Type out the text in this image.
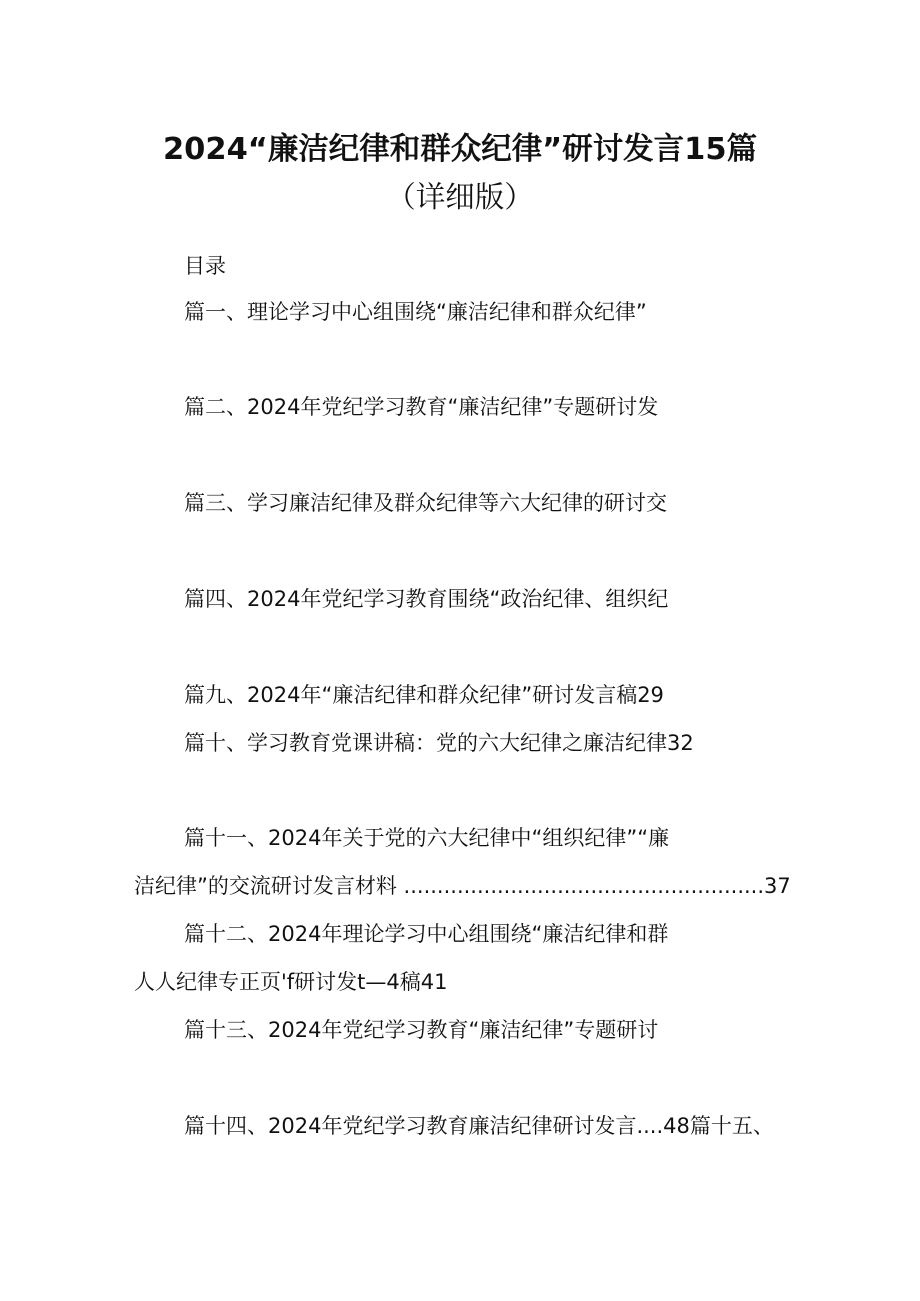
2024“廉洁纪律和群众纪律”研讨发言15篇
（详细版）
目录
篇一、理论学习中心组围绕“廉洁纪律和群众纪律”
篇二、2024年党纪学习教育“廉洁纪律”专题研讨发
篇三、学习廉洁纪律及群众纪律等六大纪律的研讨交
篇四、2024年党纪学习教育围绕“政治纪律、组织纪
篇九、2024年“廉洁纪律和群众纪律”研讨发言稿29
篇十、学习教育党课讲稿：党的六大纪律之廉洁纪律32
篇十一、2024年关于党的六大纪律中“组织纪律”“廉
洁纪律”的交流研讨发言材料 ......................................................37
篇十二、2024年理论学习中心组围绕“廉洁纪律和群
人人纪律专正页'f研讨发t—4稿41
篇十三、2024年党纪学习教育“廉洁纪律”专题研讨
篇十四、2024年党纪学习教育廉洁纪律研讨发言....48篇十五、
